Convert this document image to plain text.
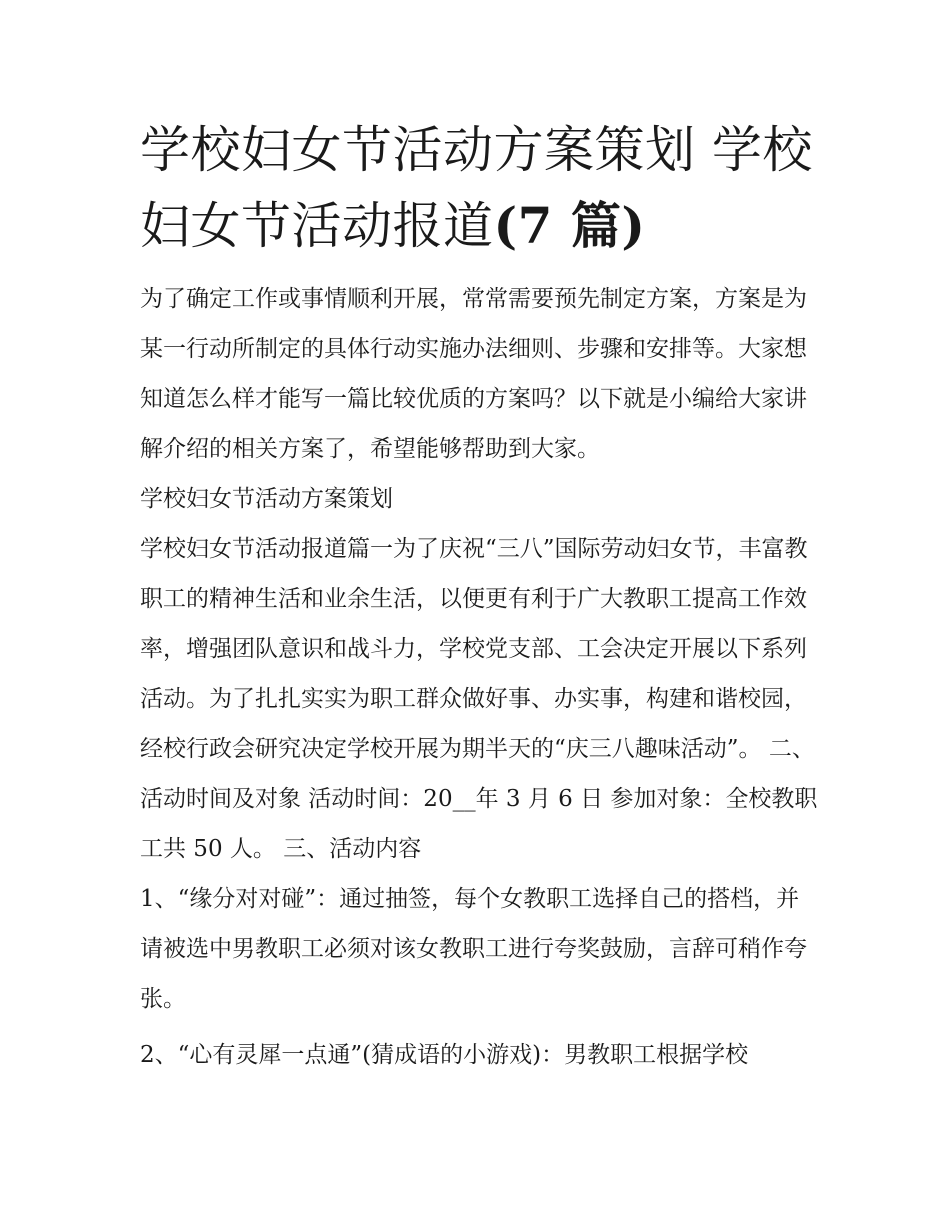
学校妇女节活动方案策划 学校妇女节活动报道(7 篇)

为了确定工作或事情顺利开展，常常需要预先制定方案，方案是为某一行动所制定的具体行动实施办法细则、步骤和安排等。大家想知道怎么样才能写一篇比较优质的方案吗？以下就是小编给大家讲解介绍的相关方案了，希望能够帮助到大家。

学校妇女节活动方案策划

学校妇女节活动报道篇一为了庆祝“三八”国际劳动妇女节，丰富教职工的精神生活和业余生活，以便更有利于广大教职工提高工作效率，增强团队意识和战斗力，学校党支部、工会决定开展以下系列活动。为了扎扎实实为职工群众做好事、办实事，构建和谐校园，经校行政会研究决定学校开展为期半天的“庆三八趣味活动”。 二、活动时间及对象 活动时间：20__年 3 月 6 日 参加对象：全校教职工共 50 人。 三、活动内容

1、“缘分对对碰”：通过抽签，每个女教职工选择自己的搭档，并请被选中男教职工必须对该女教职工进行夸奖鼓励，言辞可稍作夸张。

2、“心有灵犀一点通”(猜成语的小游戏)：男教职工根据学校
